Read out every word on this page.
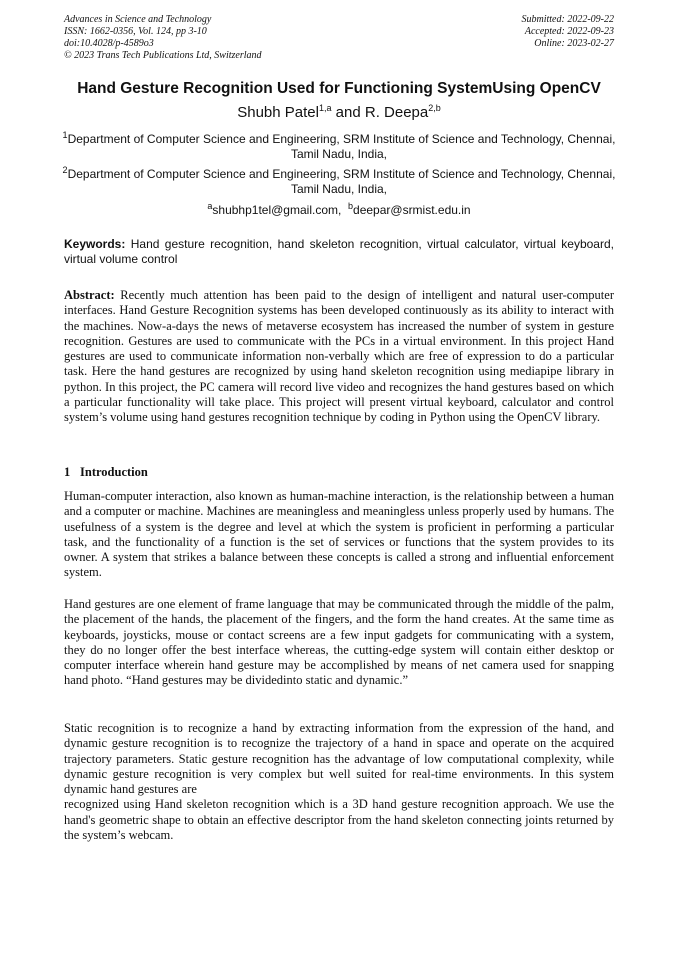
Advances in Science and Technology
ISSN: 1662-0356, Vol. 124, pp 3-10
doi:10.4028/p-4589o3
© 2023 Trans Tech Publications Ltd, Switzerland
Submitted: 2022-09-22
Accepted: 2022-09-23
Online: 2023-02-27
Hand Gesture Recognition Used for Functioning SystemUsing OpenCV
Shubh Patel$^{1,a}$ and R. Deepa$^{2,b}$
$^1$Department of Computer Science and Engineering, SRM Institute of Science and Technology, Chennai, Tamil Nadu, India,
$^2$Department of Computer Science and Engineering, SRM Institute of Science and Technology, Chennai, Tamil Nadu, India,
$^a$shubhp1tel@gmail.com, $^b$deepar@srmist.edu.in
Keywords: Hand gesture recognition, hand skeleton recognition, virtual calculator, virtual keyboard, virtual volume control
Abstract: Recently much attention has been paid to the design of intelligent and natural user-computer interfaces. Hand Gesture Recognition systems has been developed continuously as its ability to interact with the machines. Now-a-days the news of metaverse ecosystem has increased the number of system in gesture recognition. Gestures are used to communicate with the PCs in a virtual environment. In this project Hand gestures are used to communicate information non-verbally which are free of expression to do a particular task. Here the hand gestures are recognized by using hand skeleton recognition using mediapipe library in python. In this project, the PC camera will record live video and recognizes the hand gestures based on which a particular functionality will take place. This project will present virtual keyboard, calculator and control system’s volume using hand gestures recognition technique by coding in Python using the OpenCV library.
1 Introduction

Human-computer interaction, also known as human-machine interaction, is the relationship between a human and a computer or machine. Machines are meaningless and meaningless unless properly used by humans. The usefulness of a system is the degree and level at which the system is proficient in performing a particular task, and the functionality of a function is the set of services or functions that the system provides to its owner. A system that strikes a balance between these concepts is called a strong and influential enforcement system.

Hand gestures are one element of frame language that may be communicated through the middle of the palm, the placement of the hands, the placement of the fingers, and the form the hand creates. At the same time as keyboards, joysticks, mouse or contact screens are a few input gadgets for communicating with a system, they do no longer offer the best interface whereas, the cutting-edge system will contain either desktop or computer interface wherein hand gesture may be accomplished by means of net camera used for snapping hand photo. “Hand gestures may be dividedinto static and dynamic.”

Static recognition is to recognize a hand by extracting information from the expression of the hand, and dynamic gesture recognition is to recognize the trajectory of a hand in space and operate on the acquired trajectory parameters. Static gesture recognition has the advantage of low computational complexity, while dynamic gesture recognition is very complex but well suited for real-time environments. In this system dynamic hand gestures are
recognized using Hand skeleton recognition which is a 3D hand gesture recognition approach. We use the hand's geometric shape to obtain an effective descriptor from the hand skeleton connecting joints returned by the system’s webcam.
